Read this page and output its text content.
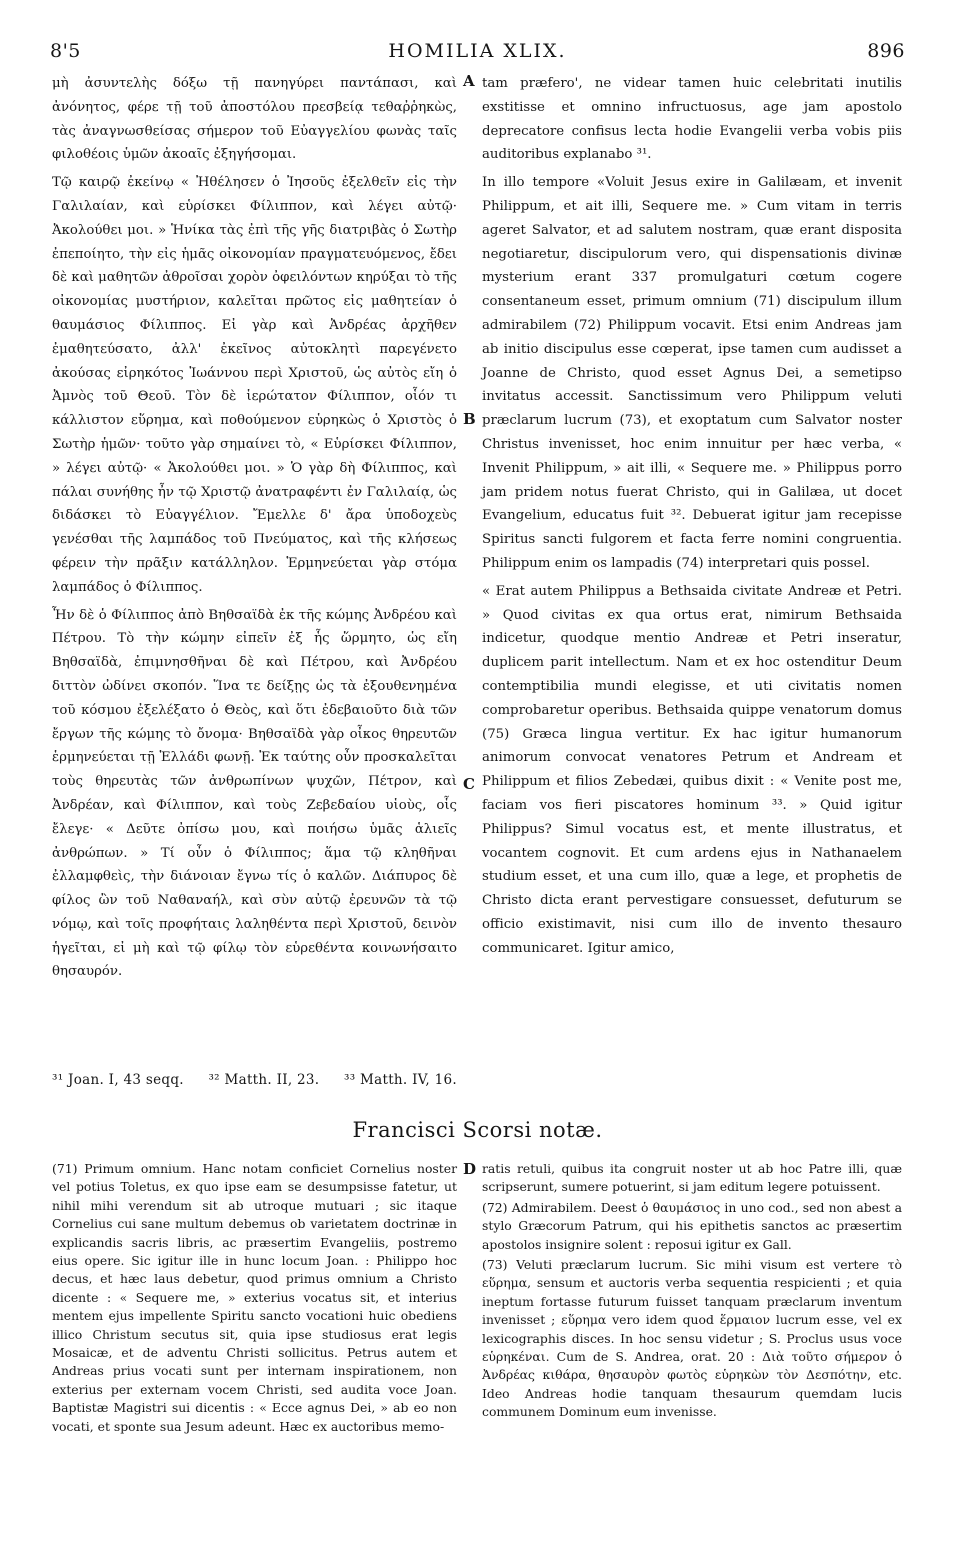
8'5	HOMILIA XLIX.	896

μὴ ἀσυντελὴς δόξω τῇ πανηγύρει παντάπασι, καὶ ἀνόνητος, φέρε τῇ τοῦ ἀποστόλου πρεσβείᾳ τεθαῤῥηκὼς, τὰς ἀναγνωσθείσας σήμερον τοῦ Εὐαγγελίου φωνὰς ταῖς φιλοθέοις ὑμῶν ἀκοαῖς ἐξηγήσομαι.

Τῷ καιρῷ ἐκείνῳ « Ἠθέλησεν ὁ Ἰησοῦς ἐξελθεῖν εἰς τὴν Γαλιλαίαν, καὶ εὑρίσκει Φίλιππον, καὶ λέγει αὐτῷ· Ἀκολούθει μοι. » Ἡνίκα τὰς ἐπὶ τῆς γῆς διατριβὰς ὁ Σωτὴρ ἐπεποίητο, τὴν εἰς ἡμᾶς οἰκονομίαν πραγματευόμενος, ἔδει δὲ καὶ μαθητῶν ἀθροῖσαι χορὸν ὀφειλόντων κηρύξαι τὸ τῆς οἰκονομίας μυστήριον, καλεῖται πρῶτος εἰς μαθητείαν ὁ θαυμάσιος Φίλιππος. Εἰ γὰρ καὶ Ἀνδρέας ἀρχῆθεν ἐμαθητεύσατο, ἀλλ' ἐκεῖνος αὐτοκλητὶ παρεγένετο ἀκούσας εἰρηκότος Ἰωάννου περὶ Χριστοῦ, ὡς αὐτὸς εἴη ὁ Ἀμνὸς τοῦ Θεοῦ. Τὸν δὲ ἱερώτατον Φίλιππον, οἷόν τι κάλλιστον εὕρημα, καὶ ποθούμενον εὑρηκὼς ὁ Χριστὸς ὁ Σωτὴρ ἡμῶν· τοῦτο γὰρ σημαίνει τὸ, « Εὑρίσκει Φίλιππον, » λέγει αὐτῷ· « Ἀκολούθει μοι. » Ὁ γὰρ δὴ Φίλιππος, καὶ πάλαι συνήθης ἦν τῷ Χριστῷ ἀνατραφέντι ἐν Γαλιλαίᾳ, ὡς διδάσκει τὸ Εὐαγγέλιον. Ἔμελλε δ' ἄρα ὑποδοχεὺς γενέσθαι τῆς λαμπάδος τοῦ Πνεύματος, καὶ τῆς κλήσεως φέρειν τὴν πρᾶξιν κατάλληλον. Ἑρμηνεύεται γὰρ στόμα λαμπάδος ὁ Φίλιππος.

Ἦν δὲ ὁ Φίλιππος ἀπὸ Βηθσαϊδὰ ἐκ τῆς κώμης Ἀνδρέου καὶ Πέτρου. Τὸ τὴν κώμην εἰπεῖν ἐξ ἧς ὥρμητο, ὡς εἴη Βηθσαϊδὰ, ἐπιμνησθῆναι δὲ καὶ Πέτρου, καὶ Ἀνδρέου διττὸν ὠδίνει σκοπόν. Ἵνα τε δείξῃς ὡς τὰ ἐξουθενημένα τοῦ κόσμου ἐξελέξατο ὁ Θεὸς, καὶ ὅτι ἐδεβαιοῦτο διὰ τῶν ἔργων τῆς κώμης τὸ ὄνομα· Βηθσαϊδὰ γὰρ οἶκος θηρευτῶν ἑρμηνεύεται τῇ Ἑλλάδι φωνῇ. Ἐκ ταύτης οὖν προσκαλεῖται τοὺς θηρευτὰς τῶν ἀνθρωπίνων ψυχῶν, Πέτρον, καὶ Ἀνδρέαν, καὶ Φίλιππον, καὶ τοὺς Ζεβεδαίου υἱοὺς, οἷς ἔλεγε· « Δεῦτε ὀπίσω μου, καὶ ποιήσω ὑμᾶς ἁλιεῖς ἀνθρώπων. » Τί οὖν ὁ Φίλιππος; ἅμα τῷ κληθῆναι ἐλλαμφθεὶς, τὴν διάνοιαν ἔγνω τίς ὁ καλῶν. Διάπυρος δὲ φίλος ὢν τοῦ Ναθαναήλ, καὶ σὺν αὐτῷ ἐρευνῶν τὰ τῷ νόμῳ, καὶ τοῖς προφήταις λαληθέντα περὶ Χριστοῦ, δεινὸν ἡγεῖται, εἰ μὴ καὶ τῷ φίλῳ τὸν εὑρεθέντα κοινωνήσαιτο θησαυρόν.

A
B
C

tam præfero', ne videar tamen huic celebritati inutilis exstitisse et omnino infructuosus, age jam apostolo deprecatore confisus lecta hodie Evangelii verba vobis piis auditoribus explanabo ³¹.

In illo tempore «Voluit Jesus exire in Galilæam, et invenit Philippum, et ait illi, Sequere me. » Cum vitam in terris ageret Salvator, et ad salutem nostram, quæ erant disposita negotiaretur, discipulorum vero, qui dispensationis divinæ mysterium erant 337 promulgaturi cœtum cogere consentaneum esset, primum omnium (71) discipulum illum admirabilem (72) Philippum vocavit. Etsi enim Andreas jam ab initio discipulus esse cœperat, ipse tamen cum audisset a Joanne de Christo, quod esset Agnus Dei, a semetipso invitatus accessit. Sanctissimum vero Philippum veluti præclarum lucrum (73), et exoptatum cum Salvator noster Christus invenisset, hoc enim innuitur per hæc verba, « Invenit Philippum, » ait illi, « Sequere me. » Philippus porro jam pridem notus fuerat Christo, qui in Galilæa, ut docet Evangelium, educatus fuit ³². Debuerat igitur jam recepisse Spiritus sancti fulgorem et facta ferre nomini congruentia. Philippum enim os lampadis (74) interpretari quis possel.

« Erat autem Philippus a Bethsaida civitate Andreæ et Petri. » Quod civitas ex qua ortus erat, nimirum Bethsaida indicetur, quodque mentio Andreæ et Petri inseratur, duplicem parit intellectum. Nam et ex hoc ostenditur Deum contemptibilia mundi elegisse, et uti civitatis nomen comprobaretur operibus. Bethsaida quippe venatorum domus (75) Græca lingua vertitur. Ex hac igitur humanorum animorum convocat venatores Petrum et Andream et Philippum et filios Zebedæi, quibus dixit : « Venite post me, faciam vos fieri piscatores hominum ³³. » Quid igitur Philippus? Simul vocatus est, et mente illustratus, et vocantem cognovit. Et cum ardens ejus in Nathanaelem studium esset, et una cum illo, quæ a lege, et prophetis de Christo dicta erant pervestigare consuesset, defuturum se officio existimavit, nisi cum illo de invento thesauro communicaret. Igitur amico,

³¹ Joan. I, 43 seqq. ³² Matth. II, 23. ³³ Matth. IV, 16.
Francisci Scorsi notæ.

(71) Primum omnium. Hanc notam conficiet Cornelius noster vel potius Toletus, ex quo ipse eam se desumpsisse fatetur, ut nihil mihi verendum sit ab utroque mutuari ; sic itaque Cornelius cui sane multum debemus ob varietatem doctrinæ in explicandis sacris libris, ac præsertim Evangeliis, postremo eius opere. Sic igitur ille in hunc locum Joan. : Philippo hoc decus, et hæc laus debetur, quod primus omnium a Christo dicente : « Sequere me, » exterius vocatus sit, et interius mentem ejus impellente Spiritu sancto vocationi huic obediens illico Christum secutus sit, quia ipse studiosus erat legis Mosaicæ, et de adventu Christi sollicitus. Petrus autem et Andreas prius vocati sunt per internam inspirationem, non exterius per externam vocem Christi, sed audita voce Joan. Baptistæ Magistri sui dicentis : « Ecce agnus Dei, » ab eo non vocati, et sponte sua Jesum adeunt. Hæc ex auctoribus memo-

D ratis retuli, quibus ita congruit noster ut ab hoc Patre illi, quæ scripserunt, sumere potuerint, si jam editum legere potuissent.

(72) Admirabilem. Deest ὁ θαυμάσιος in uno cod., sed non abest a stylo Græcorum Patrum, qui his epithetis sanctos ac præsertim apostolos insignire solent : reposui igitur ex Gall.

(73) Veluti præclarum lucrum. Sic mihi visum est vertere τὸ εὕρημα, sensum et auctoris verba sequentia respicienti ; et quia ineptum fortasse futurum fuisset tanquam præclarum inventum invenisset ; εὕρημα vero idem quod ἕρμαιον lucrum esse, vel ex lexicographis disces. In hoc sensu videtur ; S. Proclus usus voce εὑρηκέναι. Cum de S. Andrea, orat. 20 : Διὰ τοῦτο σήμερον ὁ Ἀνδρέας κιθάρα, θησαυρὸν φωτὸς εὑρηκὼν τὸν Δεσπότην, etc. Ideo Andreas hodie tanquam thesaurum quemdam lucis communem Dominum eum invenisse.
